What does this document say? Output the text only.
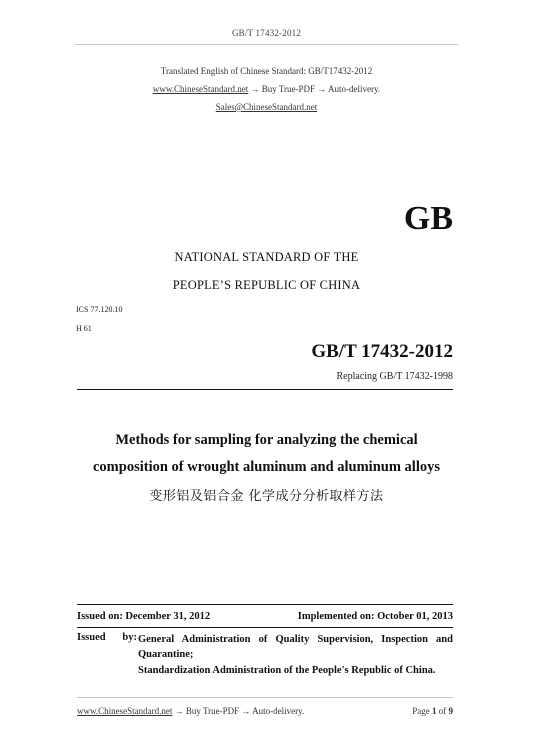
GB/T 17432-2012
Translated English of Chinese Standard: GB/T17432-2012
www.ChineseStandard.net → Buy True-PDF → Auto-delivery.
Sales@ChineseStandard.net
GB
NATIONAL STANDARD OF THE
PEOPLE’S REPUBLIC OF CHINA
ICS 77.120.10
H 61
GB/T 17432-2012
Replacing GB/T 17432-1998
Methods for sampling for analyzing the chemical
composition of wrought aluminum and aluminum alloys
变形铝及铝合金 化学成分分析取样方法
Issued on: December 31, 2012	Implemented on: October 01, 2013
Issued by: General Administration of Quality Supervision, Inspection and Quarantine;
Standardization Administration of the People's Republic of China.
www.ChineseStandard.net → Buy True-PDF → Auto-delivery.	Page 1 of 9
